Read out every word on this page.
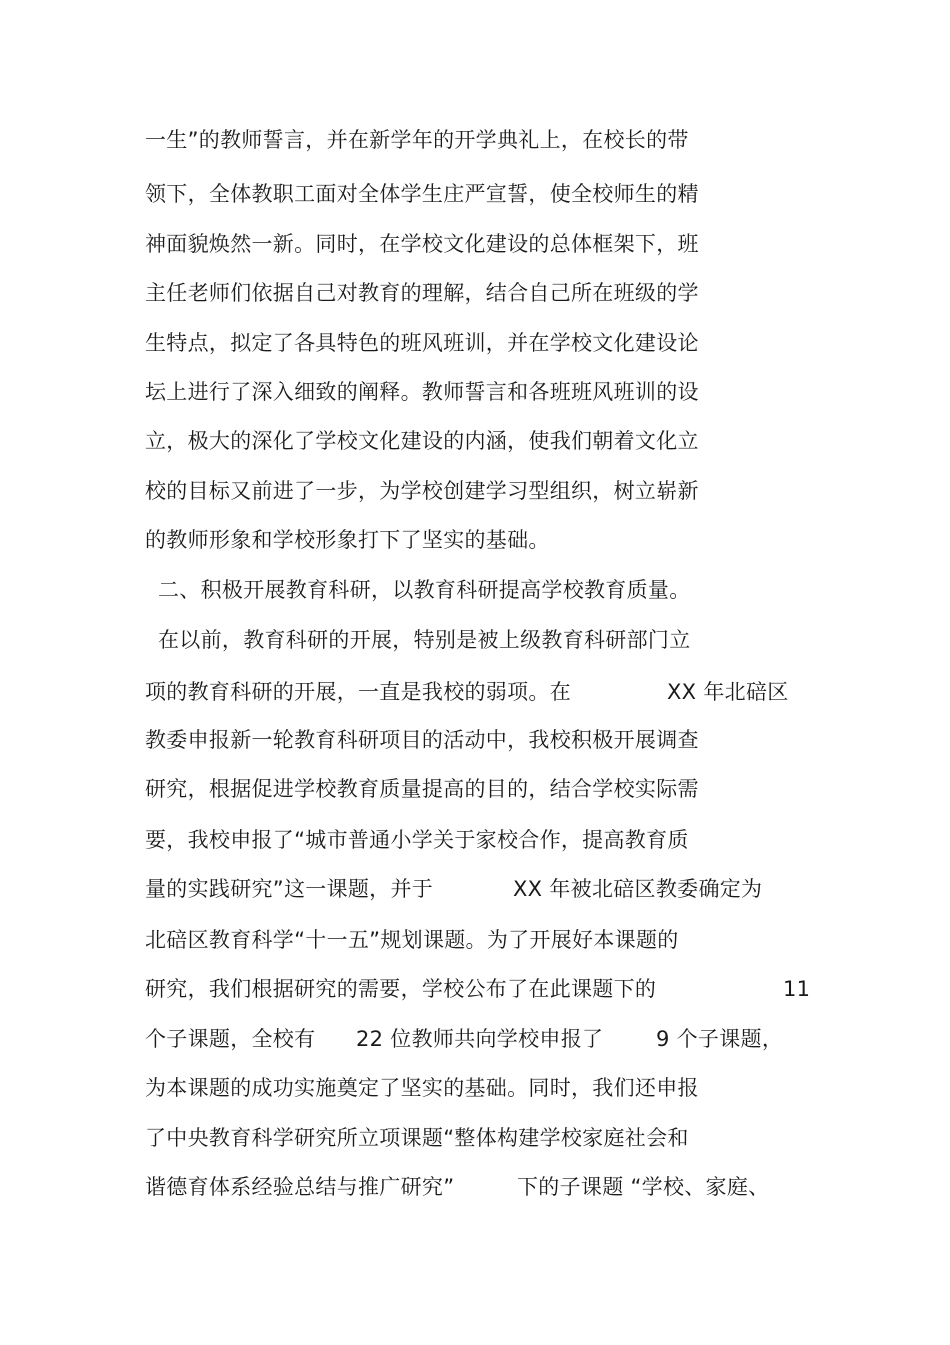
一生”的教师誓言，并在新学年的开学典礼上，在校长的带
领下，全体教职工面对全体学生庄严宣誓，使全校师生的精
神面貌焕然一新。同时，在学校文化建设的总体框架下，班
主任老师们依据自己对教育的理解，结合自己所在班级的学
生特点，拟定了各具特色的班风班训，并在学校文化建设论
坛上进行了深入细致的阐释。教师誓言和各班班风班训的设
立，极大的深化了学校文化建设的内涵，使我们朝着文化立
校的目标又前进了一步，为学校创建学习型组织，树立崭新
的教师形象和学校形象打下了坚实的基础。
二、积极开展教育科研，以教育科研提高学校教育质量。
在以前，教育科研的开展，特别是被上级教育科研部门立
项的教育科研的开展，一直是我校的弱项。在	XX 年北碚区
教委申报新一轮教育科研项目的活动中，我校积极开展调查
研究，根据促进学校教育质量提高的目的，结合学校实际需
要，我校申报了“城市普通小学关于家校合作，提高教育质
量的实践研究”这一课题，并于	XX 年被北碚区教委确定为
北碚区教育科学“十一五”规划课题。为了开展好本课题的
研究，我们根据研究的需要，学校公布了在此课题下的	11
个子课题，全校有 22 位教师共向学校申报了	9 个子课题，
为本课题的成功实施奠定了坚实的基础。同时，我们还申报
了中央教育科学研究所立项课题“整体构建学校家庭社会和
谐德育体系经验总结与推广研究”	下的子课题 “学校、家庭、
